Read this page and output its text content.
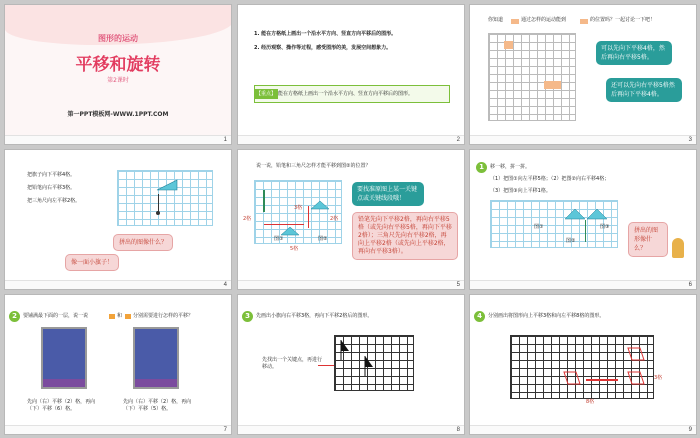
图形的运动
平移和旋转
第2课时
第一PPT模板网-WWW.1PPT.COM
1
1. 能在方格纸上画出一个沿水平方向、竖直方向平移后的图形。
2. 经历观察、操作等过程，感受图形的美，发展空间想象力。
【重点】 能在方格纸上画出一个沿水平方向、竖直方向平移后的图形。
2
你知道	通过怎样的运动能到	的位置吗？一起讨论一下吧！
可以先向下平移4格，然后再向右平移5格。
还可以先向右平移5格然后再向下平移4格。
3
把旗子向下平移4格。
把铅笔向右平移3格。
把三角尺向左平移2格。
拼出的图像什么？
像一面小旗子！
4
说一说，铅笔和三角尺怎样才能平移到图②的位置？
3格
2格	2格
5格
图①	图②
要找准原图上某一关键点或关键线段哦！
铅笔先向下平移2格，再向右平移5格（或先向右平移5格，再向下平移2格）；三角尺先向右平移2格，再向上平移2格（或先向上平移2格，再向右平移3格）。
5
1	移一移，拼一拼。
（1）把图①向左平移5格；（2）把图②向右平移4格；
（3）把图③向上平移1格。
图①
图②
图③	拼出的图形像什么？
6
2	要铺满最下面的一层，说一说	和 分别需要进行怎样的平移？
先向（右）平移（2）格，再向（下）平移（6）格。
先向（右）平移（2）格，再向（下）平移（5）格。
7
3	先画出小旗向右平移3格，再向下平移2格后的图形。
先找出一个关键点，再进行移动。
8
4	分别画出将图形向上平移3格和向左平移8格的图形。
3格
8格
9
